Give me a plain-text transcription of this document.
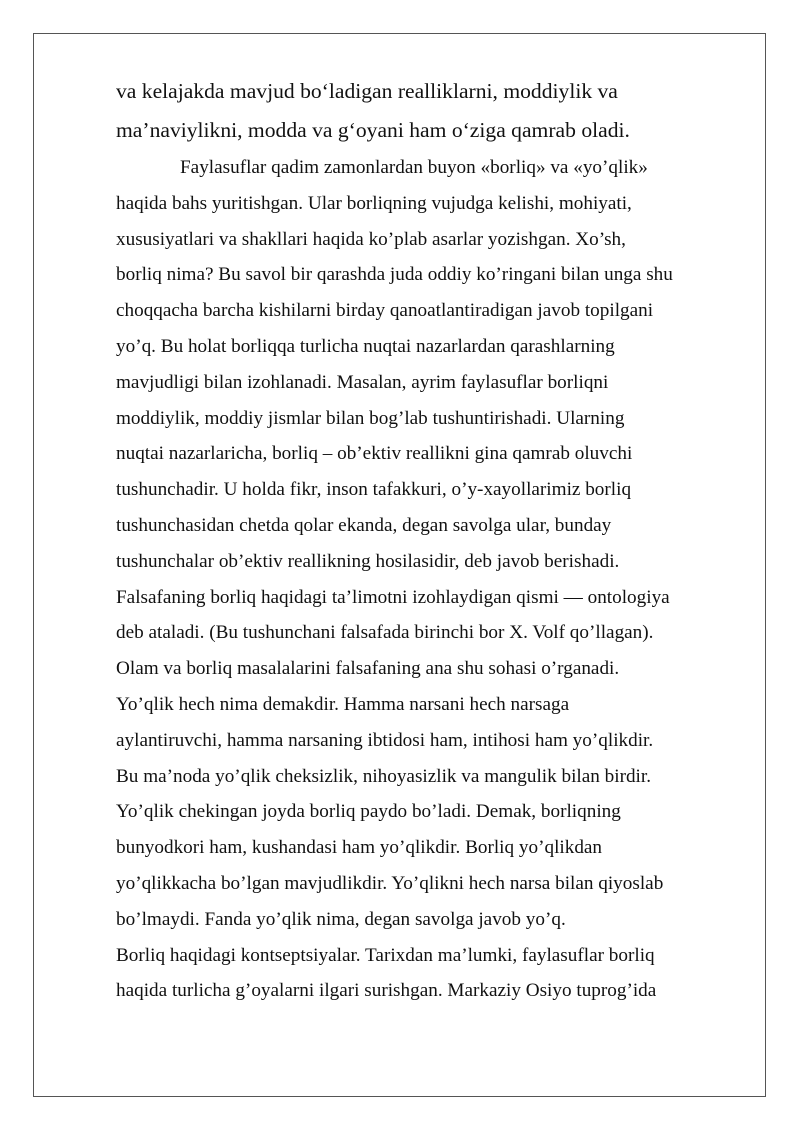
va kelajakda mavjud bo‘ladigan realliklarni, moddiylik va
ma’naviylikni, modda va g‘oyani ham o‘ziga qamrab oladi.
Faylasuflar qadim zamonlardan buyon «borliq» va «yo’qlik»
haqida bahs yuritishgan. Ular borliqning vujudga kelishi, mohiyati,
xususiyatlari va shakllari haqida ko’plab asarlar yozishgan. Xo’sh,
borliq nima? Bu savol bir qarashda juda oddiy ko’ringani bilan unga shu
choqqacha barcha kishilarni birday qanoatlantiradigan javob topilgani
yo’q. Bu holat borliqqa turlicha nuqtai nazarlardan qarashlarning
mavjudligi bilan izohlanadi. Masalan, ayrim faylasuflar borliqni
moddiylik, moddiy jismlar bilan bog’lab tushuntirishadi. Ularning
nuqtai nazarlaricha, borliq – ob’ektiv reallikni gina qamrab oluvchi
tushunchadir. U holda fikr, inson tafakkuri, o’y-xayollarimiz borliq
tushunchasidan chetda qolar ekanda, degan savolga ular, bunday
tushunchalar ob’ektiv reallikning hosilasidir, deb javob berishadi.
Falsafaning borliq haqidagi ta’limotni izohlaydigan qismi — ontologiya
deb ataladi. (Bu tushunchani falsafada birinchi bor X. Volf qo’llagan).
Olam va borliq masalalarini falsafaning ana shu sohasi o’rganadi.
Yo’qlik hech nima demakdir. Hamma narsani hech narsaga
aylantiruvchi, hamma narsaning ibtidosi ham, intihosi ham yo’qlikdir.
Bu ma’noda yo’qlik cheksizlik, nihoyasizlik va mangulik bilan birdir.
Yo’qlik chekingan joyda borliq paydo bo’ladi. Demak, borliqning
bunyodkori ham, kushandasi ham yo’qlikdir. Borliq yo’qlikdan
yo’qlikkacha bo’lgan mavjudlikdir. Yo’qlikni hech narsa bilan qiyoslab
bo’lmaydi. Fanda yo’qlik nima, degan savolga javob yo’q.
Borliq haqidagi kontseptsiyalar. Tarixdan ma’lumki, faylasuflar borliq
haqida turlicha g’oyalarni ilgari surishgan. Markaziy Osiyo tuprog’ida
